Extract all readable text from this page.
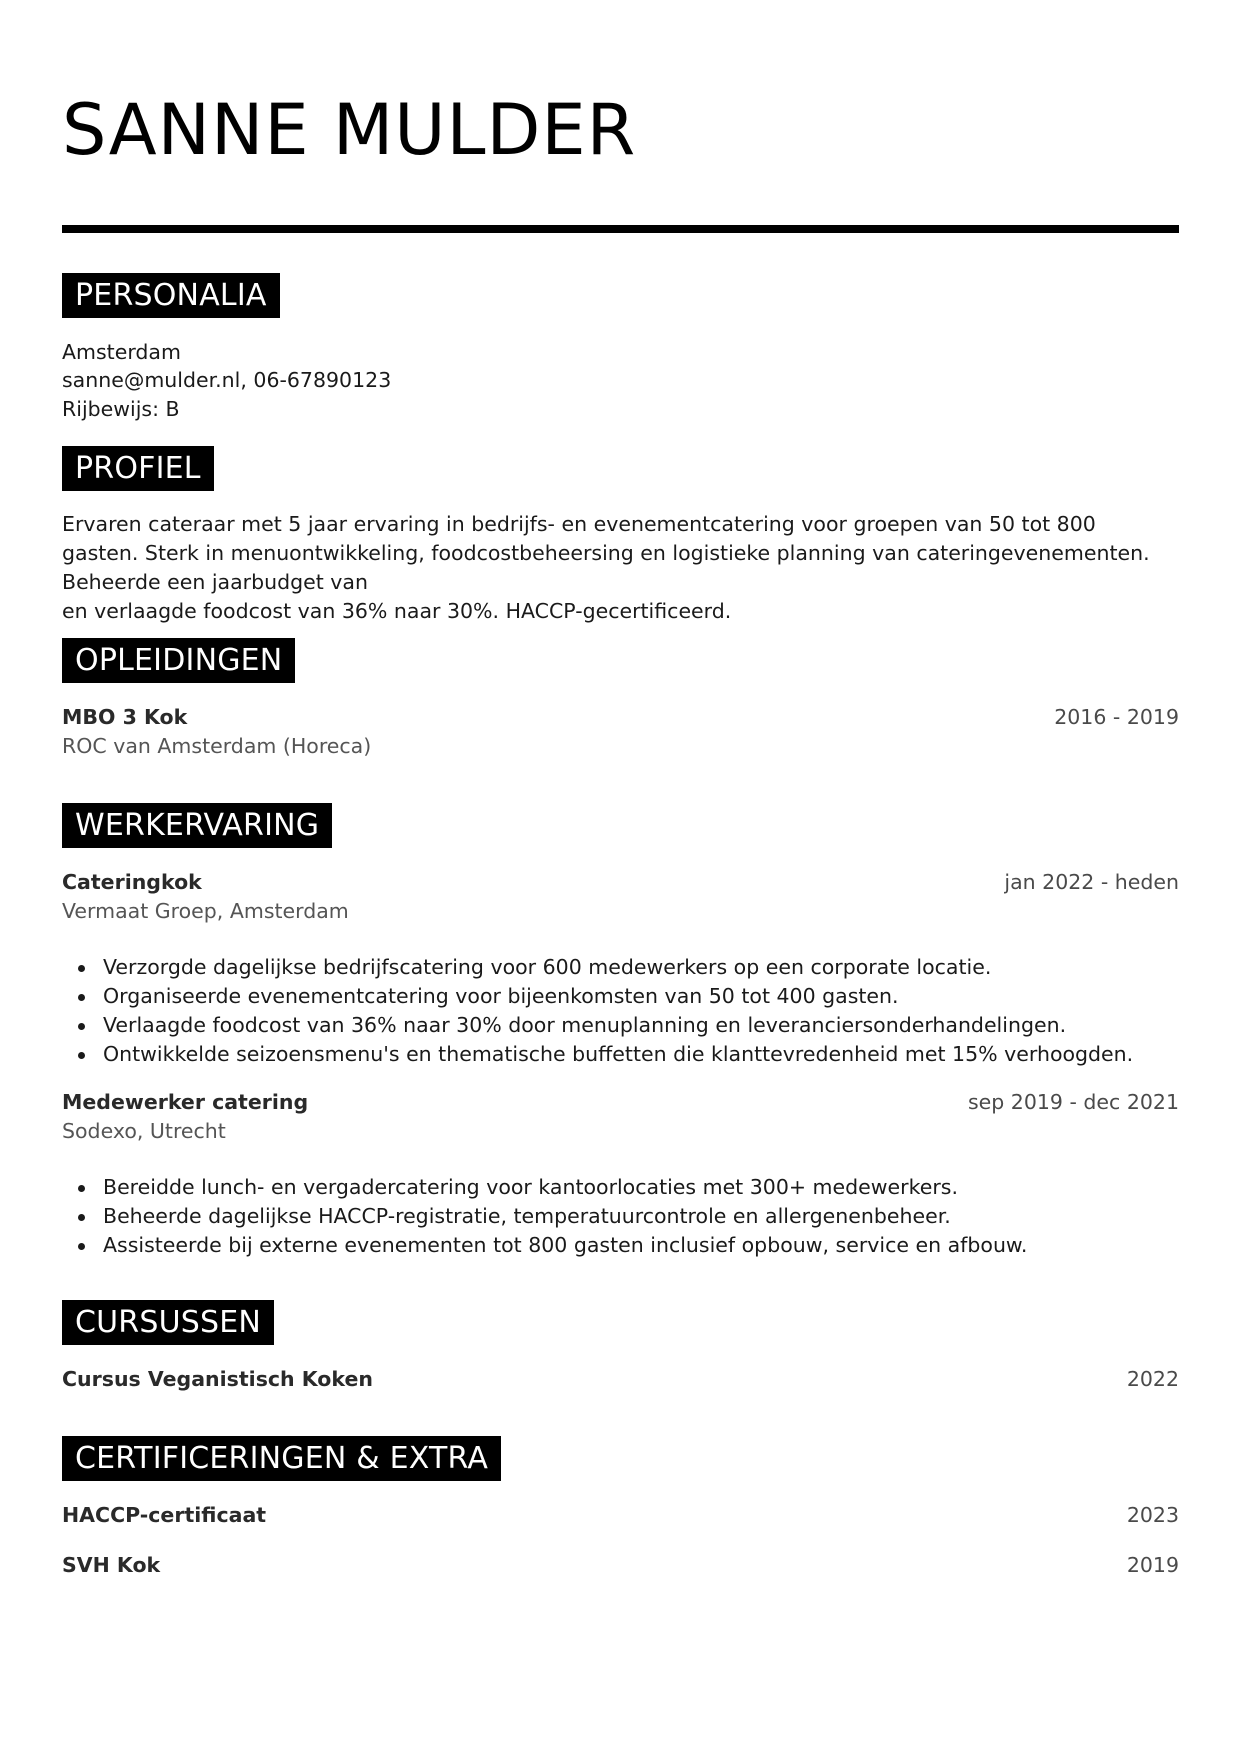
SANNE MULDER
PERSONALIA
Amsterdam
sanne@mulder.nl, 06-67890123
Rijbewijs: B
PROFIEL
Ervaren cateraar met 5 jaar ervaring in bedrijfs- en evenementcatering voor groepen van 50 tot 800
gasten. Sterk in menuontwikkeling, foodcostbeheersing en logistieke planning van cateringevenementen.
Beheerde een jaarbudget van
en verlaagde foodcost van 36% naar 30%. HACCP-gecertificeerd.
OPLEIDINGEN
MBO 3 Kok	2016 - 2019
ROC van Amsterdam (Horeca)
WERKERVARING
Cateringkok	jan 2022 - heden
Vermaat Groep, Amsterdam
Verzorgde dagelijkse bedrijfscatering voor 600 medewerkers op een corporate locatie.
Organiseerde evenementcatering voor bijeenkomsten van 50 tot 400 gasten.
Verlaagde foodcost van 36% naar 30% door menuplanning en leveranciersonderhandelingen.
Ontwikkelde seizoensmenu's en thematische buffetten die klanttevredenheid met 15% verhoogden.
Medewerker catering	sep 2019 - dec 2021
Sodexo, Utrecht
Bereidde lunch- en vergadercatering voor kantoorlocaties met 300+ medewerkers.
Beheerde dagelijkse HACCP-registratie, temperatuurcontrole en allergenenbeheer.
Assisteerde bij externe evenementen tot 800 gasten inclusief opbouw, service en afbouw.
CURSUSSEN
Cursus Veganistisch Koken	2022
CERTIFICERINGEN & EXTRA
HACCP-certificaat	2023
SVH Kok	2019
